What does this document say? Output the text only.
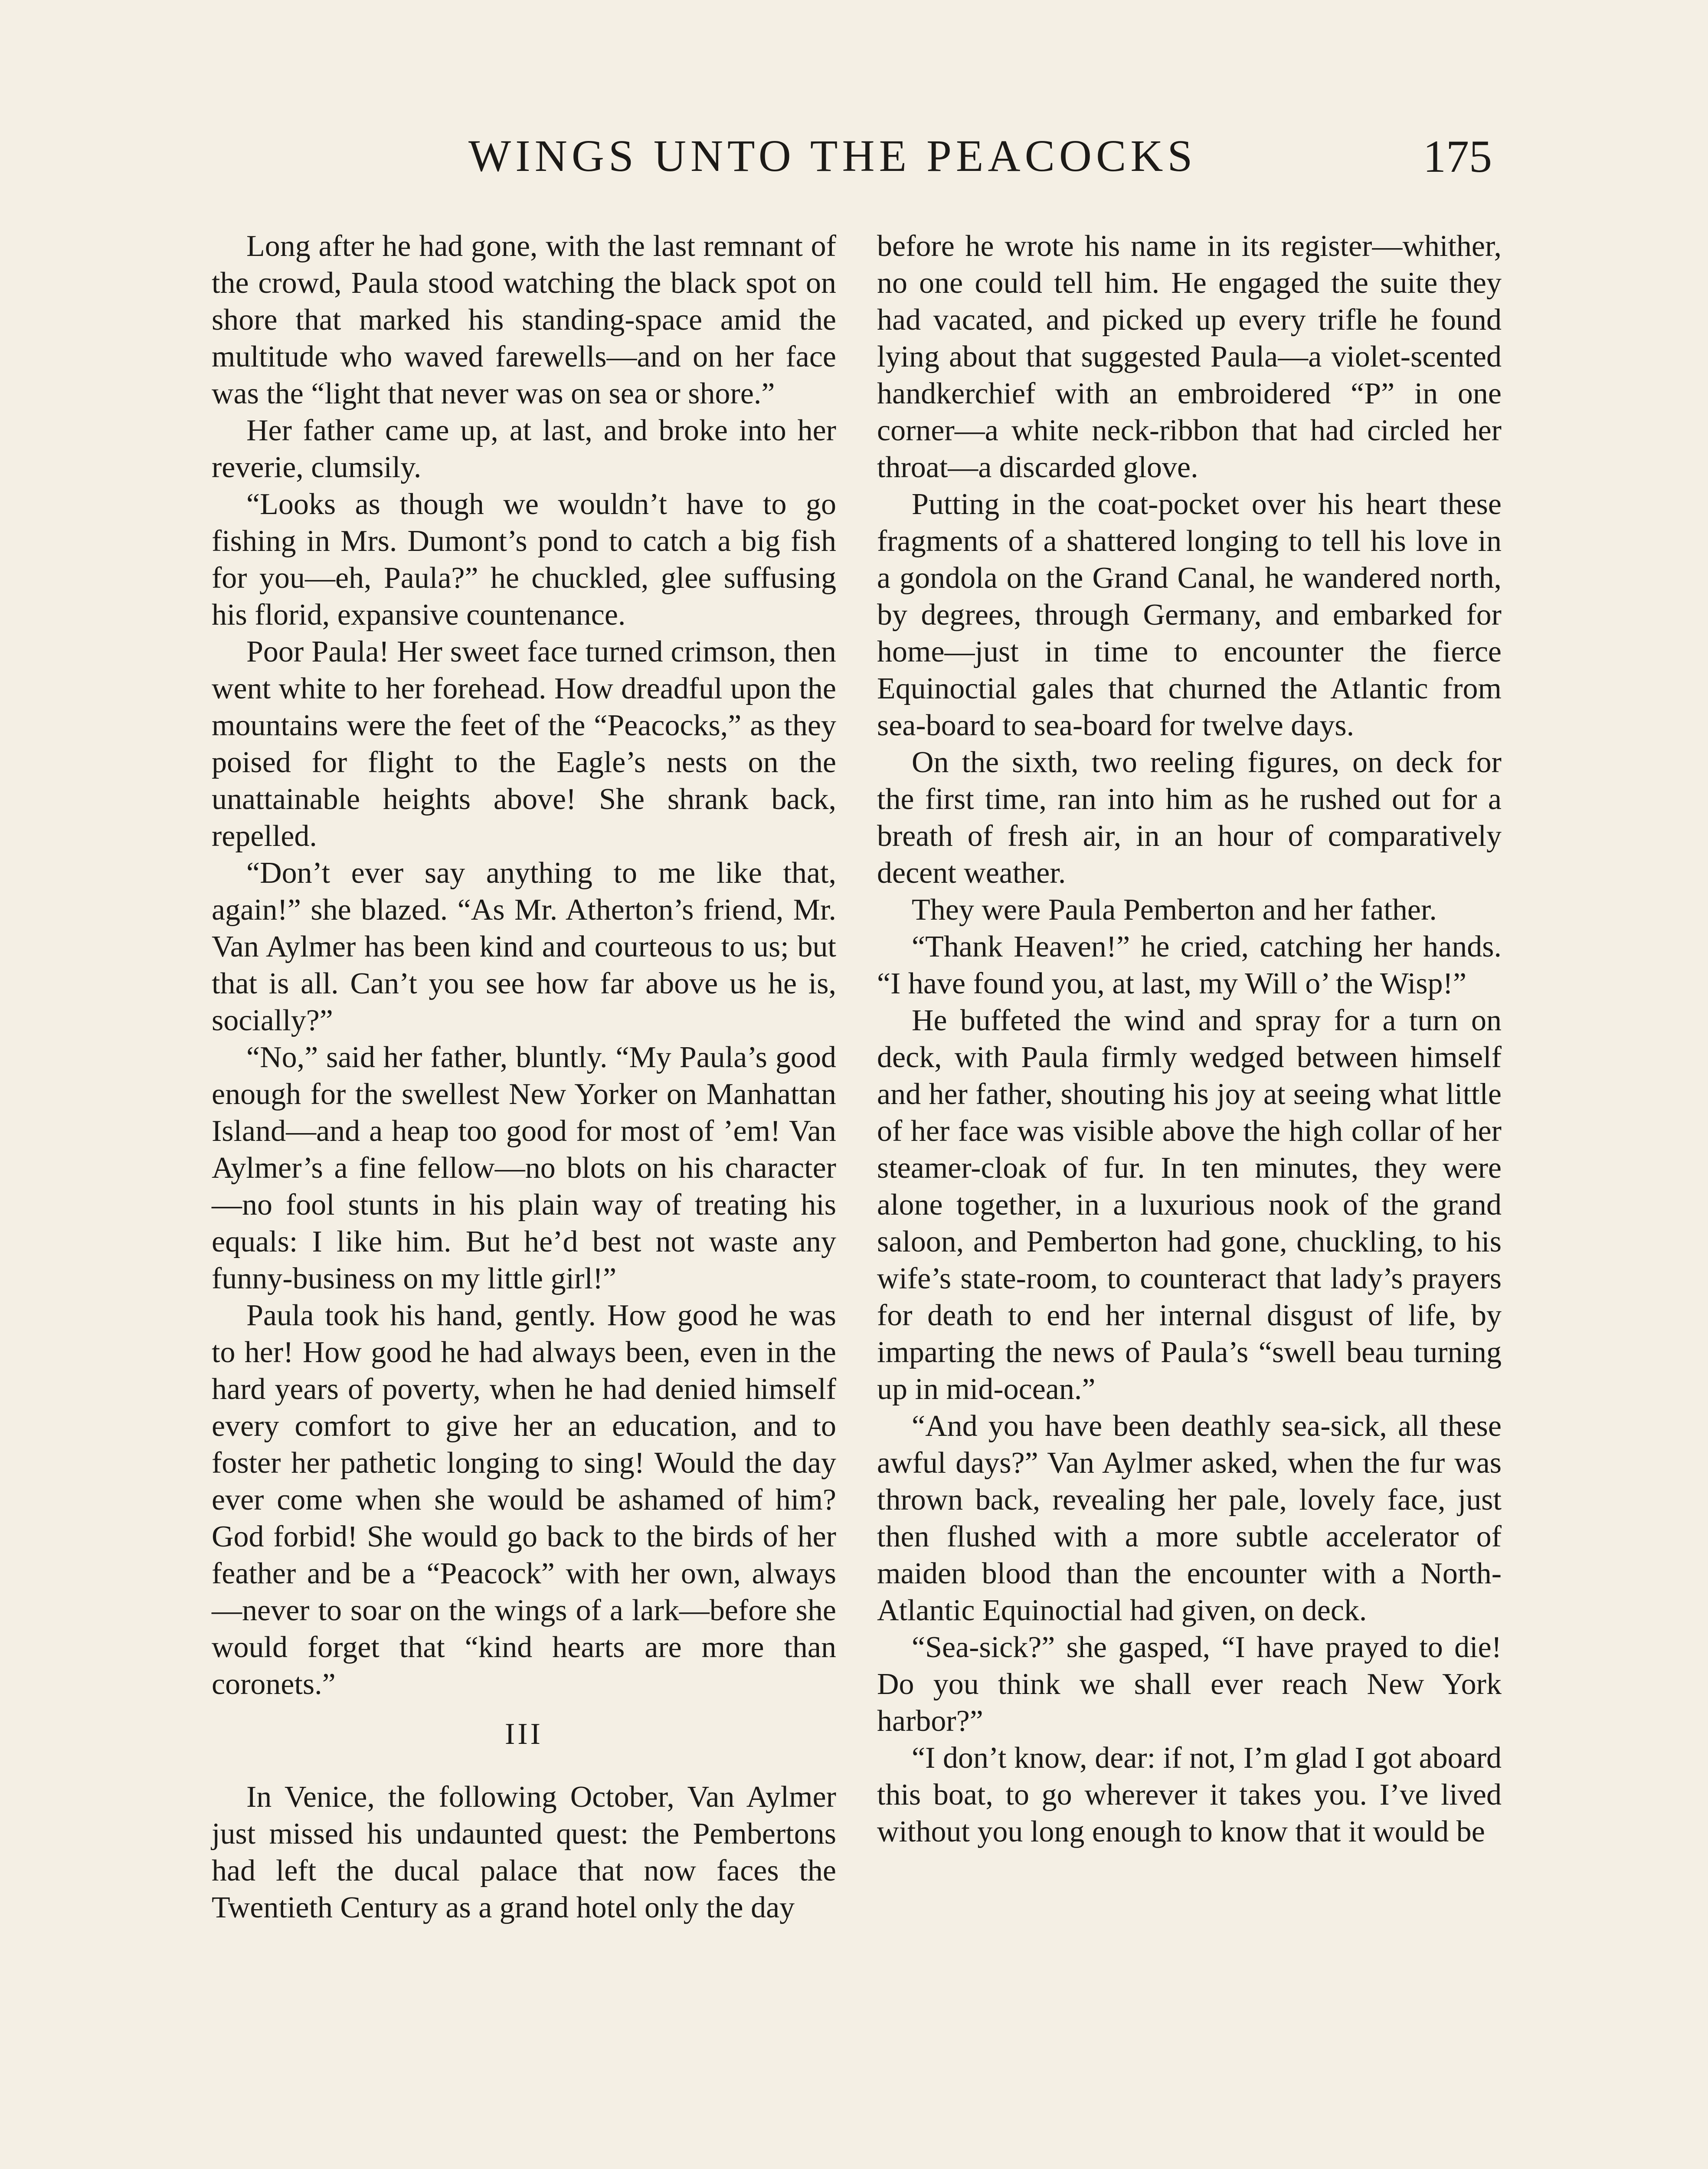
WINGS UNTO THE PEACOCKS	175

Long after he had gone, with the last remnant of the crowd, Paula stood watching the black spot on shore that marked his standing-space amid the multitude who waved farewells—and on her face was the “light that never was on sea or shore.”

Her father came up, at last, and broke into her reverie, clumsily.

“Looks as though we wouldn’t have to go fishing in Mrs. Dumont’s pond to catch a big fish for you—eh, Paula?” he chuckled, glee suffusing his florid, expansive countenance.

Poor Paula! Her sweet face turned crimson, then went white to her forehead. How dreadful upon the mountains were the feet of the “Peacocks,” as they poised for flight to the Eagle’s nests on the unattainable heights above! She shrank back, repelled.

“Don’t ever say anything to me like that, again!” she blazed. “As Mr. Atherton’s friend, Mr. Van Aylmer has been kind and courteous to us; but that is all. Can’t you see how far above us he is, socially?”

“No,” said her father, bluntly. “My Paula’s good enough for the swellest New Yorker on Manhattan Island—and a heap too good for most of ’em! Van Aylmer’s a fine fellow—no blots on his character—no fool stunts in his plain way of treating his equals: I like him. But he’d best not waste any funny-business on my little girl!”

Paula took his hand, gently. How good he was to her! How good he had always been, even in the hard years of poverty, when he had denied himself every comfort to give her an education, and to foster her pathetic longing to sing! Would the day ever come when she would be ashamed of him? God forbid! She would go back to the birds of her feather and be a “Peacock” with her own, always—never to soar on the wings of a lark—before she would forget that “kind hearts are more than coronets.”

III

In Venice, the following October, Van Aylmer just missed his undaunted quest: the Pembertons had left the ducal palace that now faces the Twentieth Century as a grand hotel only the day

before he wrote his name in its register—whither, no one could tell him. He engaged the suite they had vacated, and picked up every trifle he found lying about that suggested Paula—a violet-scented handkerchief with an embroidered “P” in one corner—a white neck-ribbon that had circled her throat—a discarded glove.

Putting in the coat-pocket over his heart these fragments of a shattered longing to tell his love in a gondola on the Grand Canal, he wandered north, by degrees, through Germany, and embarked for home—just in time to encounter the fierce Equinoctial gales that churned the Atlantic from sea-board to sea-board for twelve days.

On the sixth, two reeling figures, on deck for the first time, ran into him as he rushed out for a breath of fresh air, in an hour of comparatively decent weather.

They were Paula Pemberton and her father.

“Thank Heaven!” he cried, catching her hands. “I have found you, at last, my Will o’ the Wisp!”

He buffeted the wind and spray for a turn on deck, with Paula firmly wedged between himself and her father, shouting his joy at seeing what little of her face was visible above the high collar of her steamer-cloak of fur. In ten minutes, they were alone together, in a luxurious nook of the grand saloon, and Pemberton had gone, chuckling, to his wife’s state-room, to counteract that lady’s prayers for death to end her internal disgust of life, by imparting the news of Paula’s “swell beau turning up in mid-ocean.”

“And you have been deathly sea-sick, all these awful days?” Van Aylmer asked, when the fur was thrown back, revealing her pale, lovely face, just then flushed with a more subtle accelerator of maiden blood than the encounter with a North-Atlantic Equinoctial had given, on deck.

“Sea-sick?” she gasped, “I have prayed to die! Do you think we shall ever reach New York harbor?”

“I don’t know, dear: if not, I’m glad I got aboard this boat, to go wherever it takes you. I’ve lived without you long enough to know that it would be
